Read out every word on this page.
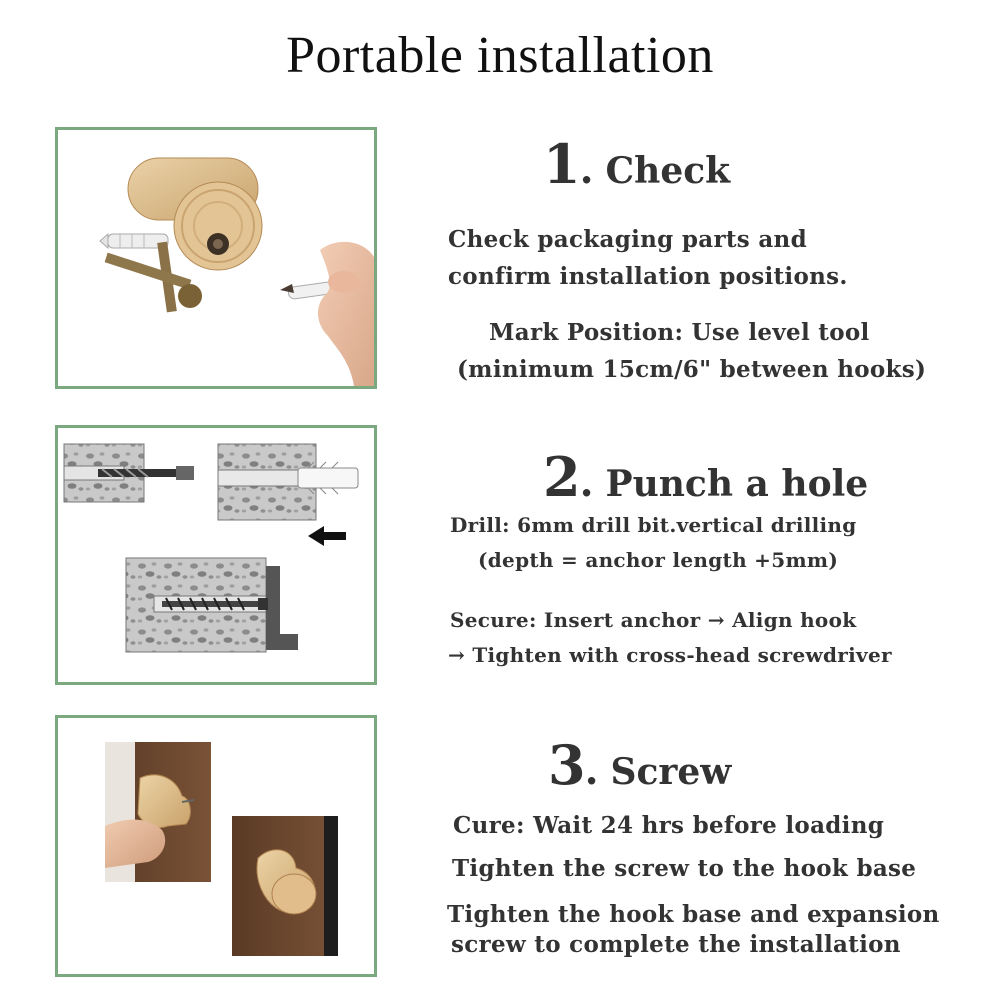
Portable installation
1. Check
Check packaging parts and
confirm installation positions.
Mark Position: Use level tool
(minimum 15cm/6" between hooks)
2. Punch a hole
Drill: 6mm drill bit.vertical drilling
(depth = anchor length +5mm)
Secure: Insert anchor → Align hook
→ Tighten with cross-head screwdriver
3. Screw
Cure: Wait 24 hrs before loading
Tighten the screw to the hook base
Tighten the hook base and expansion
screw to complete the installation
